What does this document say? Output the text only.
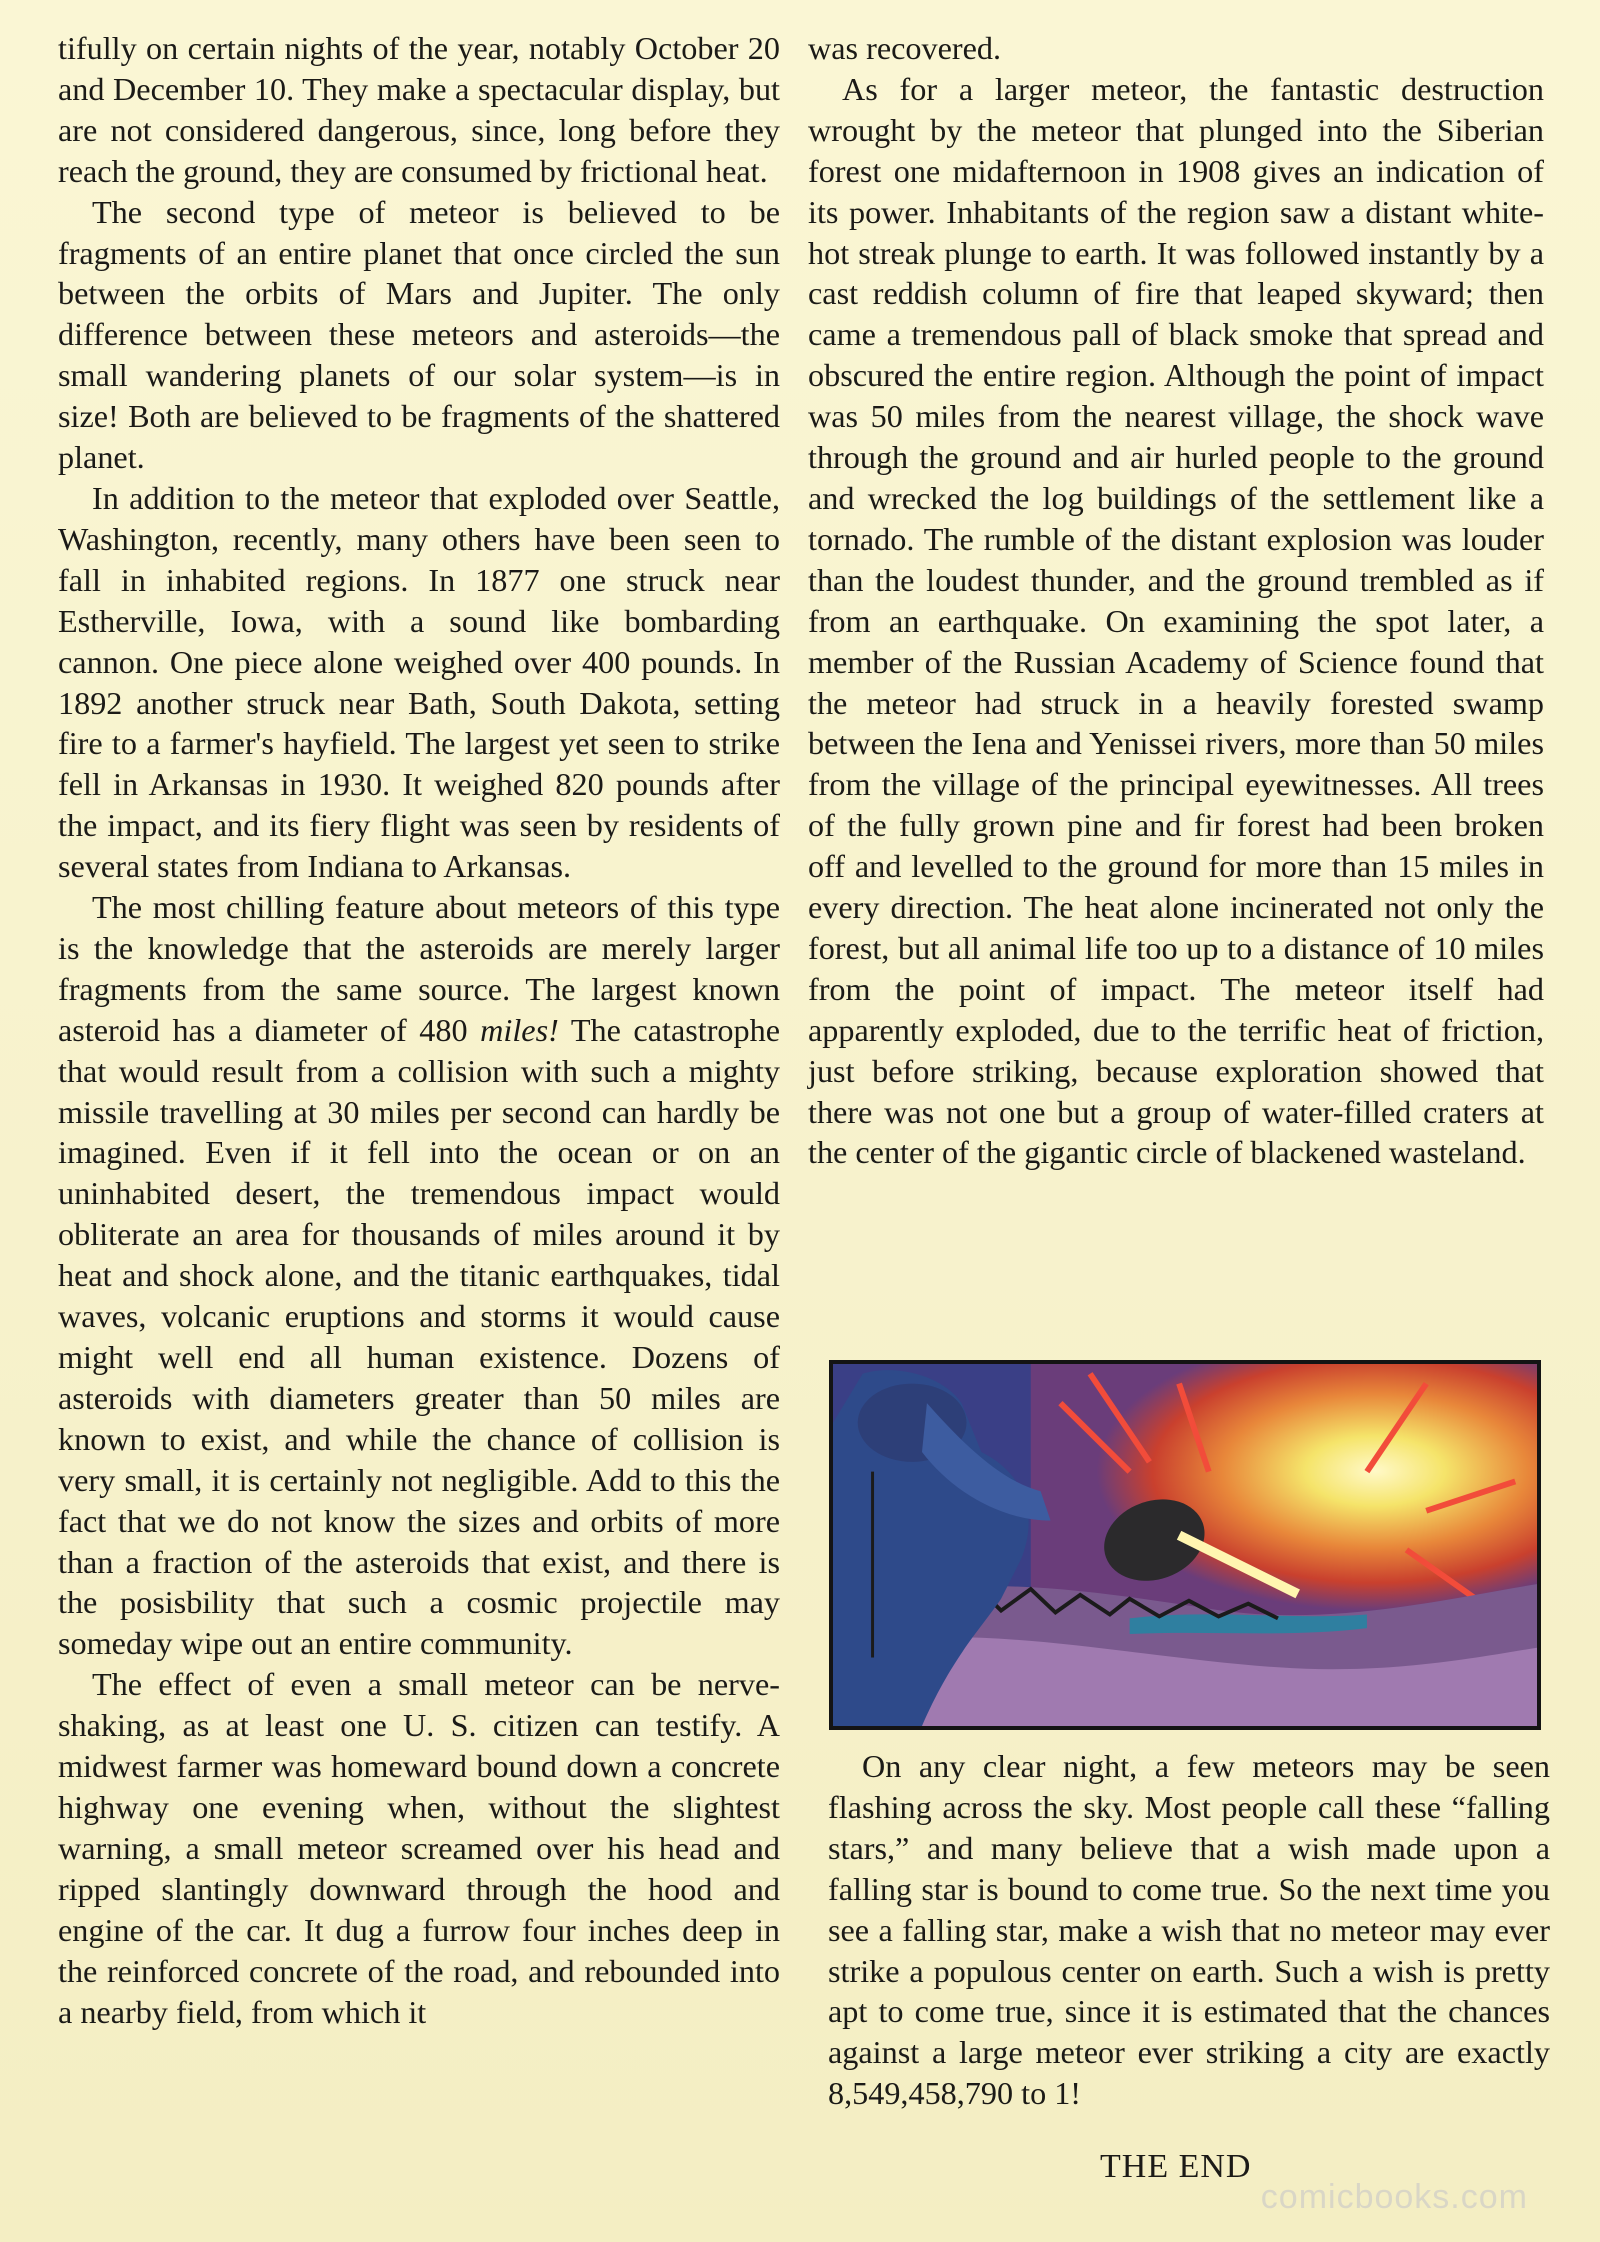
tifully on certain nights of the year, notably October 20 and December 10. They make a spectacular display, but are not considered dangerous, since, long before they reach the ground, they are consumed by frictional heat.

The second type of meteor is believed to be fragments of an entire planet that once circled the sun between the orbits of Mars and Jupiter. The only difference between these meteors and asteroids—the small wandering planets of our solar system—is in size! Both are believed to be fragments of the shattered planet.

In addition to the meteor that exploded over Seattle, Washington, recently, many others have been seen to fall in inhabited regions. In 1877 one struck near Estherville, Iowa, with a sound like bombarding cannon. One piece alone weighed over 400 pounds. In 1892 another struck near Bath, South Dakota, setting fire to a farmer's hayfield. The largest yet seen to strike fell in Arkansas in 1930. It weighed 820 pounds after the impact, and its fiery flight was seen by residents of several states from Indiana to Arkansas.

The most chilling feature about meteors of this type is the knowledge that the asteroids are merely larger fragments from the same source. The largest known asteroid has a diameter of 480 miles! The catastrophe that would result from a collision with such a mighty missile travelling at 30 miles per second can hardly be imagined. Even if it fell into the ocean or on an uninhabited desert, the tremendous impact would obliterate an area for thousands of miles around it by heat and shock alone, and the titanic earthquakes, tidal waves, volcanic eruptions and storms it would cause might well end all human existence. Dozens of asteroids with diameters greater than 50 miles are known to exist, and while the chance of collision is very small, it is certainly not negligible. Add to this the fact that we do not know the sizes and orbits of more than a fraction of the asteroids that exist, and there is the posisbility that such a cosmic projectile may someday wipe out an entire community.

The effect of even a small meteor can be nerve-shaking, as at least one U. S. citizen can testify. A midwest farmer was homeward bound down a concrete highway one evening when, without the slightest warning, a small meteor screamed over his head and ripped slantingly downward through the hood and engine of the car. It dug a furrow four inches deep in the reinforced concrete of the road, and rebounded into a nearby field, from which it

was recovered.

As for a larger meteor, the fantastic destruction wrought by the meteor that plunged into the Siberian forest one midafternoon in 1908 gives an indication of its power. Inhabitants of the region saw a distant white-hot streak plunge to earth. It was followed instantly by a cast reddish column of fire that leaped skyward; then came a tremendous pall of black smoke that spread and obscured the entire region. Although the point of impact was 50 miles from the nearest village, the shock wave through the ground and air hurled people to the ground and wrecked the log buildings of the settlement like a tornado. The rumble of the distant explosion was louder than the loudest thunder, and the ground trembled as if from an earthquake. On examining the spot later, a member of the Russian Academy of Science found that the meteor had struck in a heavily forested swamp between the Iena and Yenissei rivers, more than 50 miles from the village of the principal eyewitnesses. All trees of the fully grown pine and fir forest had been broken off and levelled to the ground for more than 15 miles in every direction. The heat alone incinerated not only the forest, but all animal life too up to a distance of 10 miles from the point of impact. The meteor itself had apparently exploded, due to the terrific heat of friction, just before striking, because exploration showed that there was not one but a group of water-filled craters at the center of the gigantic circle of blackened wasteland.

On any clear night, a few meteors may be seen flashing across the sky. Most people call these “falling stars,” and many believe that a wish made upon a falling star is bound to come true. So the next time you see a falling star, make a wish that no meteor may ever strike a populous center on earth. Such a wish is pretty apt to come true, since it is estimated that the chances against a large meteor ever striking a city are exactly 8,549,458,790 to 1!

THE END
comicbooks.com
